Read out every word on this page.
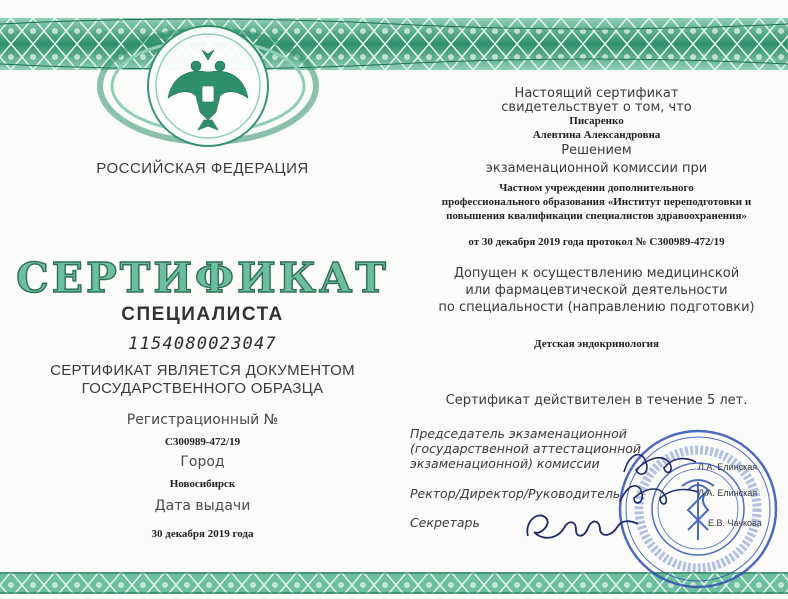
РОССИЙСКАЯ ФЕДЕРАЦИЯ
СЕРТИФИКАТ
СПЕЦИАЛИСТА
1154080023047
СЕРТИФИКАТ ЯВЛЯЕТСЯ ДОКУМЕНТОМ
ГОСУДАРСТВЕННОГО ОБРАЗЦА
Регистрационный №
С300989-472/19
Город
Новосибирск
Дата выдачи
30 декабря 2019 года
Настоящий сертификат
свидетельствует о том, что
Писаренко
Алевтина Александровна
Решением
экзаменационной комиссии при
Частном учреждении дополнительного
профессионального образования «Институт переподготовки и
повышения квалификации специалистов здравоохранения»
от 30 декабря 2019 года протокол № С300989-472/19
Допущен к осуществлению медицинской
или фармацевтической деятельности
по специальности (направлению подготовки)
Детская эндокринология
Сертификат действителен в течение 5 лет.
Председатель экзаменационной
(государственной аттестационной
экзаменационной) комиссии	Л.А. Елинская
Ректор/Директор/Руководитель	Л.А. Елинская
Секретарь	Е.В. Чачкова
